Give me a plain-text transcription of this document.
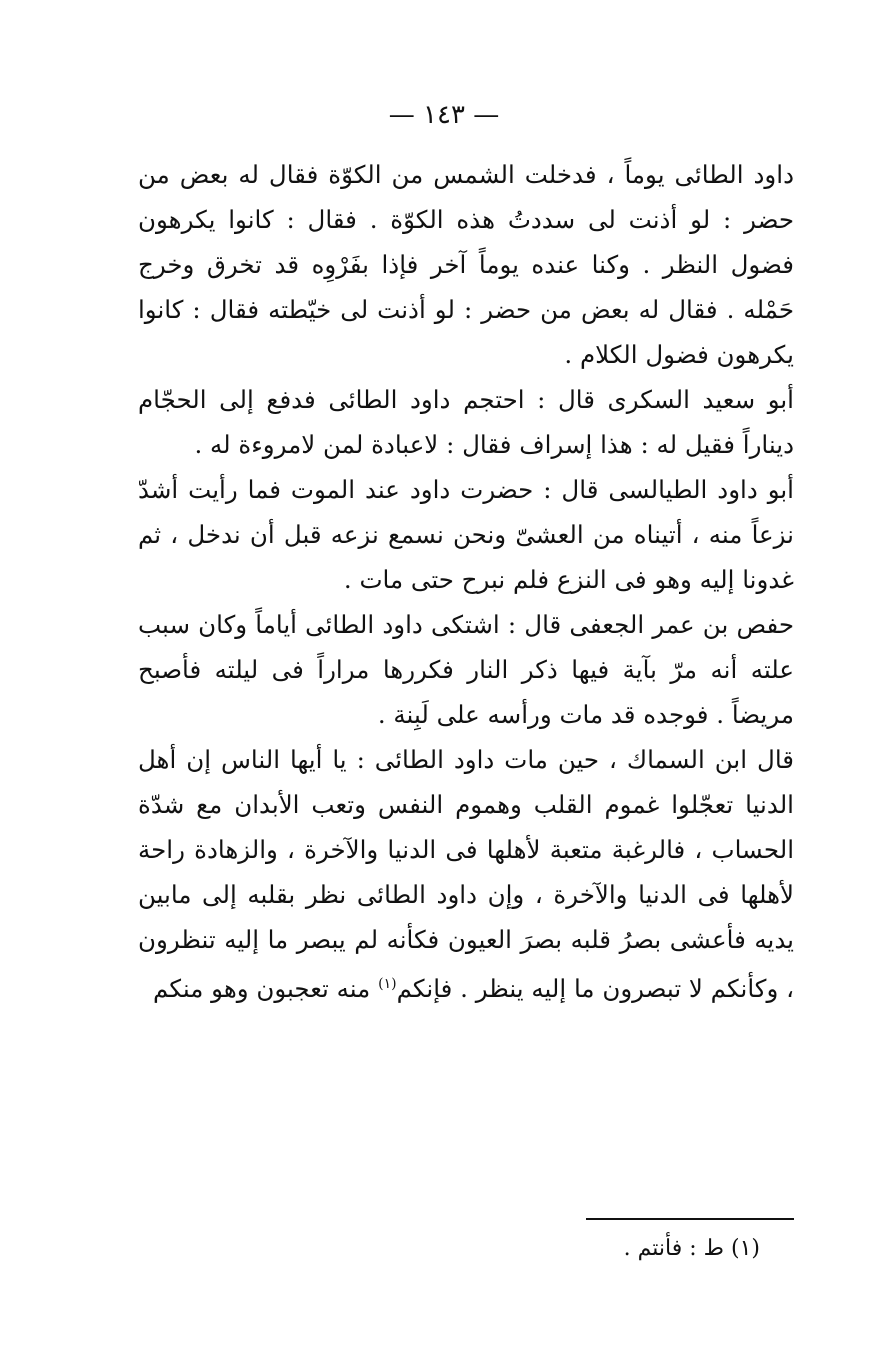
— ١٤٣ —

داود الطائى يوماً ، فدخلت الشمس من الكوّة فقال له بعض من حضر : لو أذنت لى سددتُ هذه الكوّة . فقال : كانوا يكرهون فضول النظر . وكنا عنده يوماً آخر فإذا بفَرْوِه قد تخرق وخرج حَمْله . فقال له بعض من حضر : لو أذنت لى خيّطته فقال : كانوا يكرهون فضول الكلام .

أبو سعيد السكرى قال : احتجم داود الطائى فدفع إلى الحجّام ديناراً فقيل له : هذا إسراف فقال : لاعبادة لمن لامروءة له .

أبو داود الطيالسى قال : حضرت داود عند الموت فما رأيت أشدّ نزعاً منه ، أتيناه من العشىّ ونحن نسمع نزعه قبل أن ندخل ، ثم غدونا إليه وهو فى النزع فلم نبرح حتى مات .

حفص بن عمر الجعفى قال : اشتكى داود الطائى أياماً وكان سبب علته أنه مرّ بآية فيها ذكر النار فكررها مراراً فى ليلته فأصبح مريضاً . فوجده قد مات ورأسه على لَبِنة .

قال ابن السماك ، حين مات داود الطائى : يا أيها الناس إن أهل الدنيا تعجّلوا غموم القلب وهموم النفس وتعب الأبدان مع شدّة الحساب ، فالرغبة متعبة لأهلها فى الدنيا والآخرة ، والزهادة راحة لأهلها فى الدنيا والآخرة ، وإن داود الطائى نظر بقلبه إلى مابين يديه فأعشى بصرُ قلبه بصرَ العيون فكأنه لم يبصر ما إليه تنظرون ، وكأنكم لا تبصرون ما إليه ينظر . فإنكم$^{(١)}$ منه تعجبون وهو منكم

(١) ط : فأنتم .
